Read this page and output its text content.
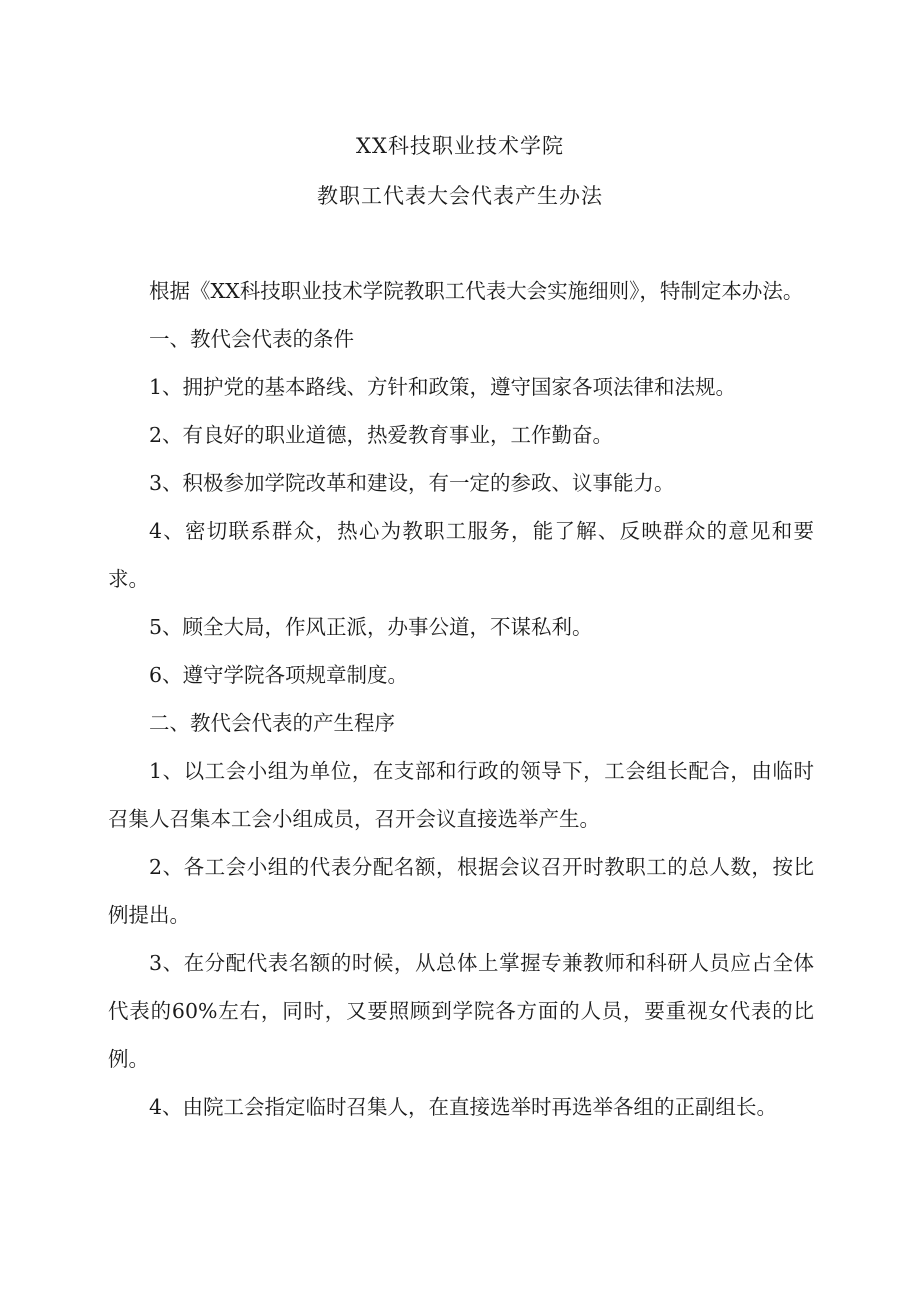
XX科技职业技术学院
教职工代表大会代表产生办法

根据《XX科技职业技术学院教职工代表大会实施细则》，特制定本办法。

一、教代会代表的条件

1、拥护党的基本路线、方针和政策，遵守国家各项法律和法规。

2、有良好的职业道德，热爱教育事业，工作勤奋。

3、积极参加学院改革和建设，有一定的参政、议事能力。

4、密切联系群众，热心为教职工服务，能了解、反映群众的意见和要求。

5、顾全大局，作风正派，办事公道，不谋私利。

6、遵守学院各项规章制度。

二、教代会代表的产生程序

1、以工会小组为单位，在支部和行政的领导下，工会组长配合，由临时召集人召集本工会小组成员，召开会议直接选举产生。

2、各工会小组的代表分配名额，根据会议召开时教职工的总人数，按比例提出。

3、在分配代表名额的时候，从总体上掌握专兼教师和科研人员应占全体代表的60%左右，同时，又要照顾到学院各方面的人员，要重视女代表的比例。

4、由院工会指定临时召集人，在直接选举时再选举各组的正副组长。
